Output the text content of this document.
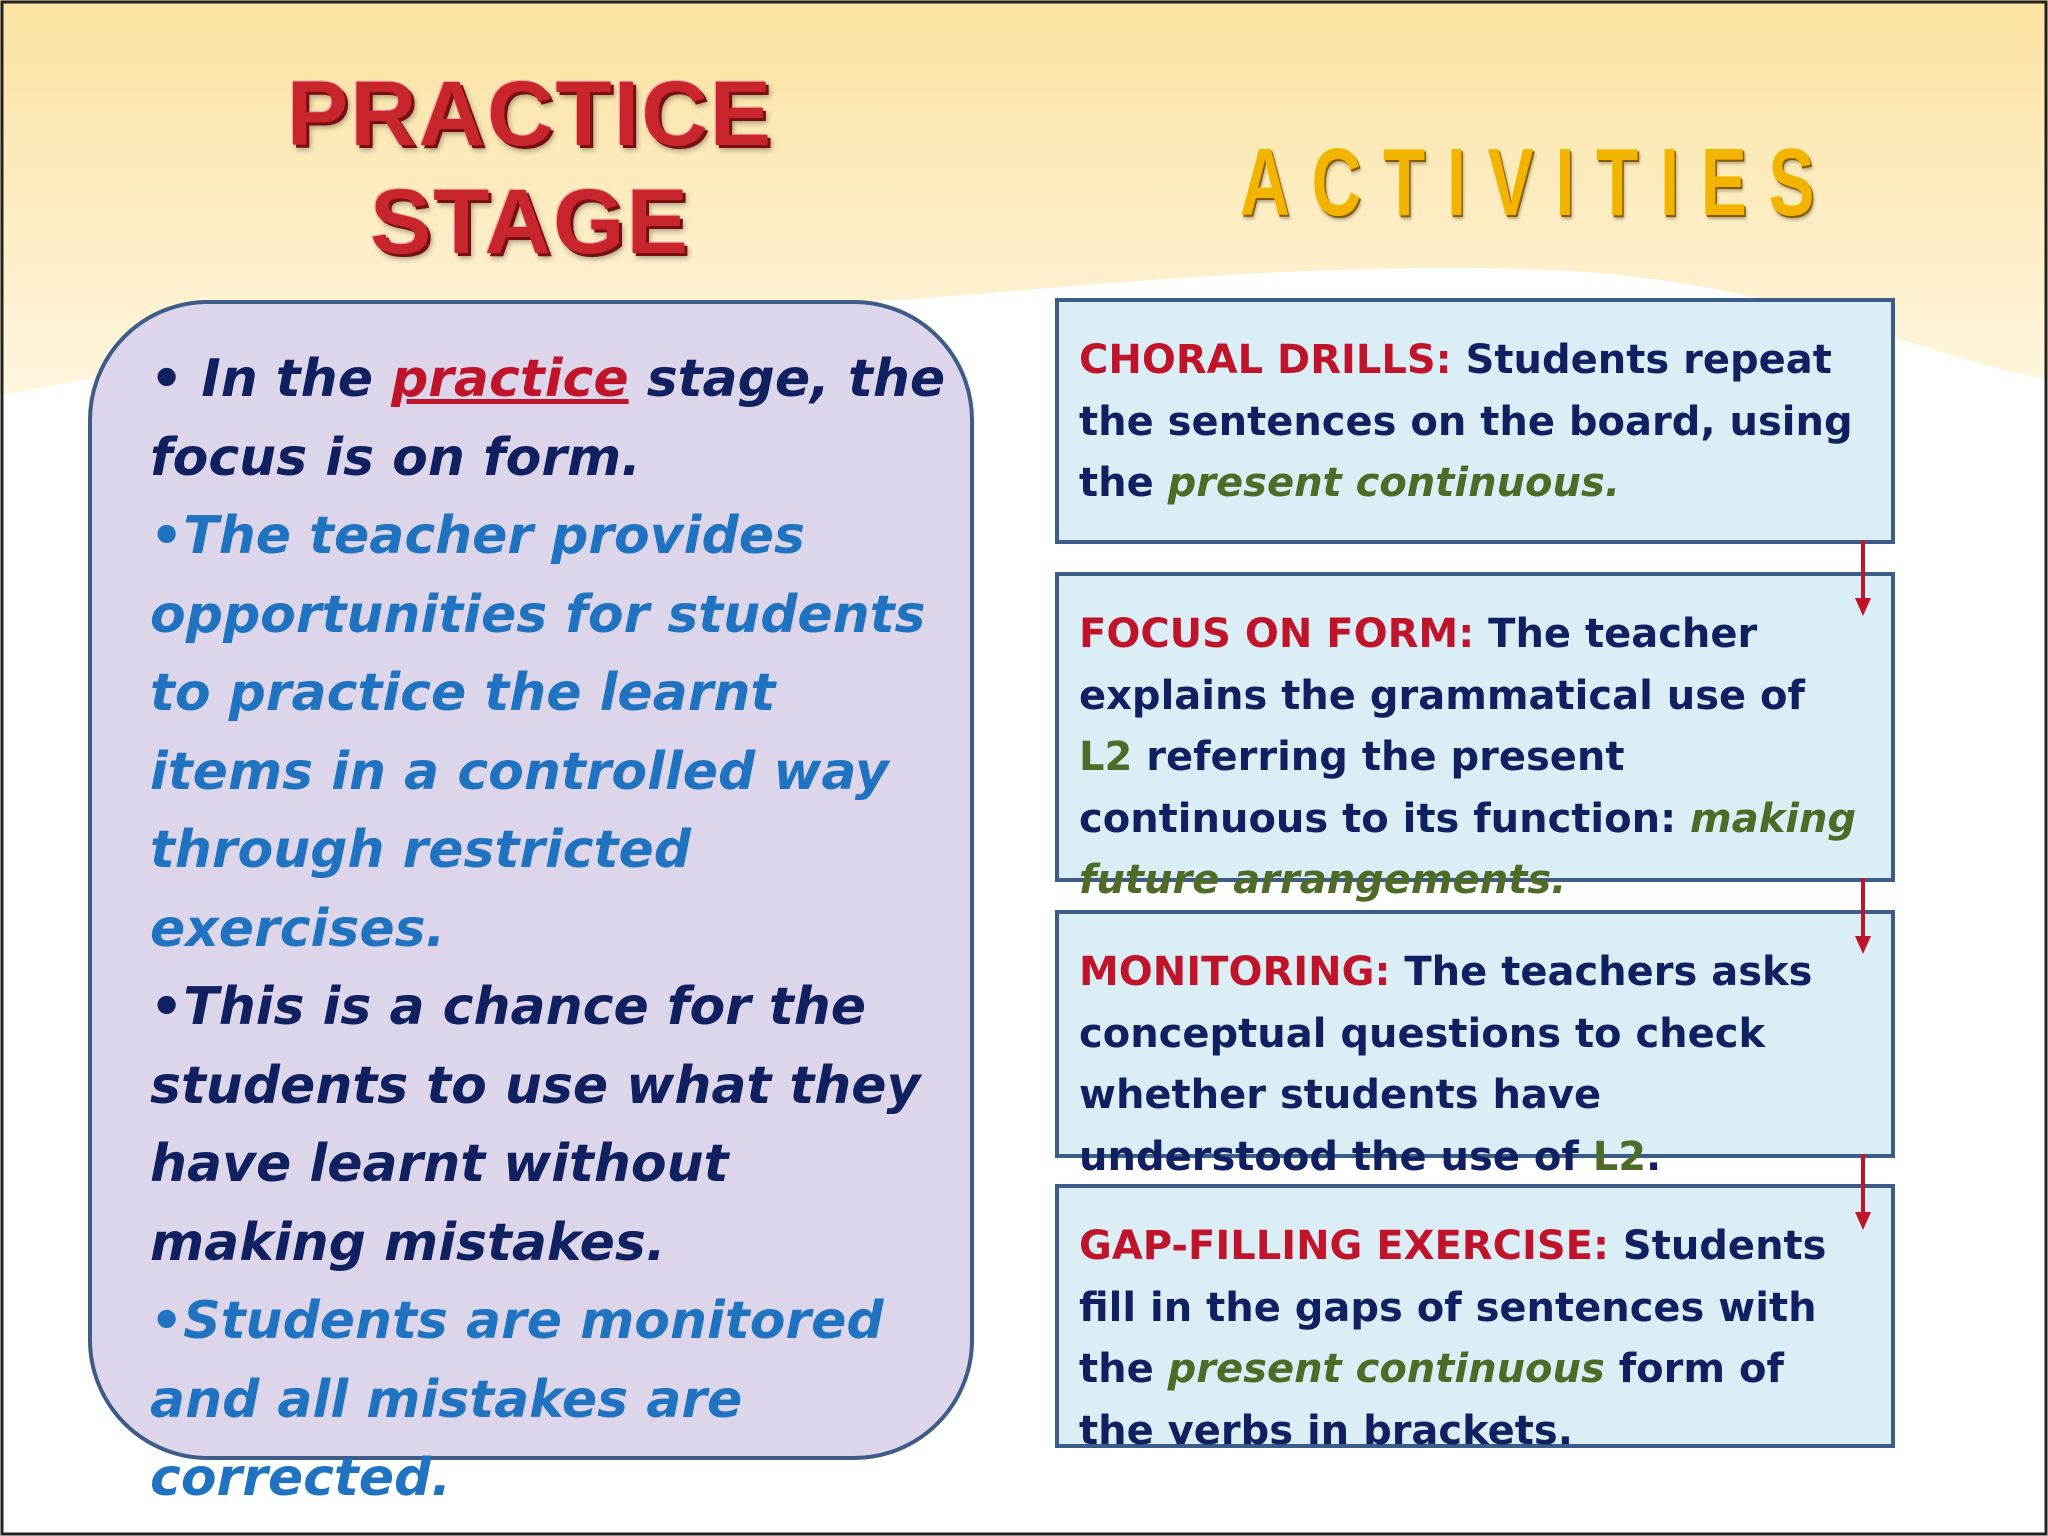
PRACTICE
STAGE	ACTIVITIES

• In the practice stage, the focus is on form.

•The teacher provides opportunities for students to practice the learnt items in a controlled way through restricted exercises.

•This is a chance for the students to use what they have learnt without making mistakes.

•Students are monitored and all mistakes are corrected.

CHORAL DRILLS: Students repeat the sentences on the board, using the present continuous.

FOCUS ON FORM: The teacher explains the grammatical use of L2 referring the present continuous to its function: making future arrangements.

MONITORING: The teachers asks conceptual questions to check whether students have understood the use of L2.

GAP-FILLING EXERCISE: Students fill in the gaps of sentences with the present continuous form of the verbs in brackets.
